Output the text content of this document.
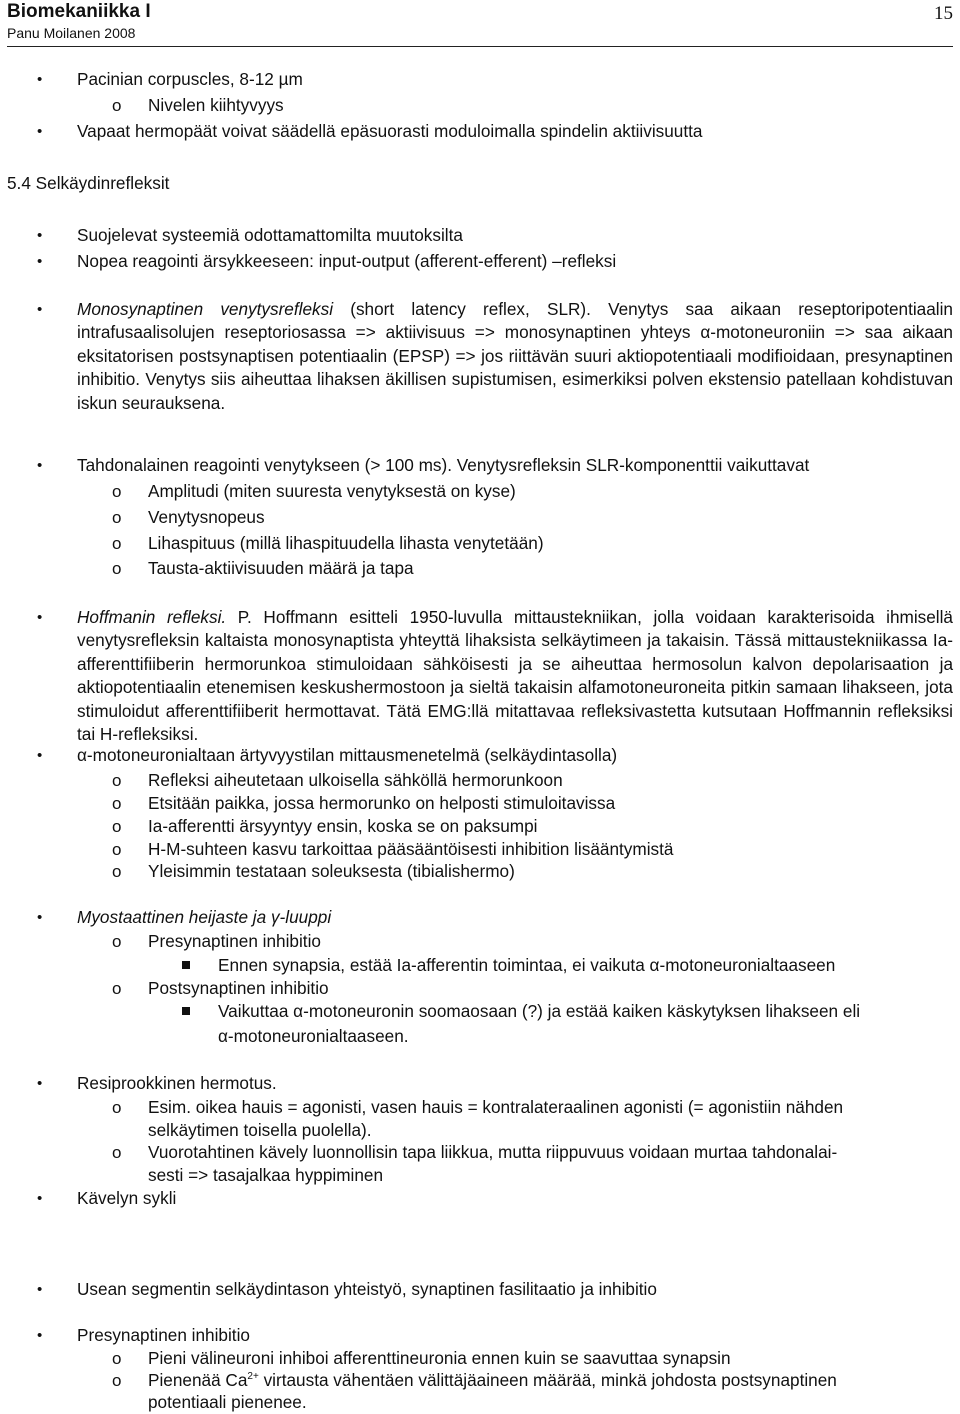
Biomekaniikka I
Panu Moilanen 2008
15
• Pacinian corpuscles, 8-12 µm
o Nivelen kiihtyvyys
• Vapaat hermopäät voivat säädellä epäsuorasti moduloimalla spindelin aktiivisuutta
5.4 Selkäydinrefleksit
• Suojelevat systeemiä odottamattomilta muutoksilta
• Nopea reagointi ärsykkeeseen: input-output (afferent-efferent) –refleksi
• Monosynaptinen venytysrefleksi (short latency reflex, SLR). Venytys saa aikaan reseptoripotentiaalin intrafusaalisolujen reseptoriosassa => aktiivisuus => monosynaptinen yhteys α-motoneuroniin => saa aikaan eksitatorisen postsynaptisen potentiaalin (EPSP) => jos riittävän suuri aktiopotentiaali modifioidaan, presynaptinen inhibitio. Venytys siis aiheuttaa lihaksen äkillisen supistumisen, esimerkiksi polven ekstensio patellaan kohdistuvan iskun seurauksena.
• Tahdonalainen reagointi venytykseen (> 100 ms). Venytysrefleksin SLR-komponenttii vaikuttavat
o Amplitudi (miten suuresta venytyksestä on kyse)
o Venytysnopeus
o Lihaspituus (millä lihaspituudella lihasta venytetään)
o Tausta-aktiivisuuden määrä ja tapa
• Hoffmanin refleksi. P. Hoffmann esitteli 1950-luvulla mittaustekniikan, jolla voidaan karakterisoida ihmisellä venytysrefleksin kaltaista monosynaptista yhteyttä lihaksista selkäytimeen ja takaisin. Tässä mittaustekniikassa Ia-afferenttifiiberin hermorunkoa stimuloidaan sähköisesti ja se aiheuttaa hermosolun kalvon depolarisaation ja aktiopotentiaalin etenemisen keskushermostoon ja sieltä takaisin alfamotoneuroneita pitkin samaan lihakseen, jota stimuloidut afferenttifiiberit hermottavat. Tätä EMG:llä mitattavaa refleksivastetta kutsutaan Hoffmannin refleksiksi tai H-refleksiksi.
• α-motoneuronialtaan ärtyvyystilan mittausmenetelmä (selkäydintasolla)
o Refleksi aiheutetaan ulkoisella sähköllä hermorunkoon
o Etsitään paikka, jossa hermorunko on helposti stimuloitavissa
o Ia-afferentti ärsyyntyy ensin, koska se on paksumpi
o H-M-suhteen kasvu tarkoittaa pääsääntöisesti inhibition lisääntymistä
o Yleisimmin testataan soleuksesta (tibialishermo)
• Myostaattinen heijaste ja γ-luuppi
o Presynaptinen inhibitio
Ennen synapsia, estää Ia-afferentin toimintaa, ei vaikuta α-motoneuronialtaaseen
o Postsynaptinen inhibitio
Vaikuttaa α-motoneuronin soomaosaan (?) ja estää kaiken käskytyksen lihakseen eli
α-motoneuronialtaaseen.
• Resiprookkinen hermotus.
o Esim. oikea hauis = agonisti, vasen hauis = kontralateraalinen agonisti (= agonistiin nähden
selkäytimen toisella puolella).
o Vuorotahtinen kävely luonnollisin tapa liikkua, mutta riippuvuus voidaan murtaa tahdonalai-
sesti => tasajalkaa hyppiminen
• Kävelyn sykli
• Usean segmentin selkäydintason yhteistyö, synaptinen fasilitaatio ja inhibitio
• Presynaptinen inhibitio
o Pieni välineuroni inhiboi afferenttineuronia ennen kuin se saavuttaa synapsin
o Pienenää $Ca^{2+}$ virtausta vähentäen välittäjäaineen määrää, minkä johdosta postsynaptinen
potentiaali pienenee.
